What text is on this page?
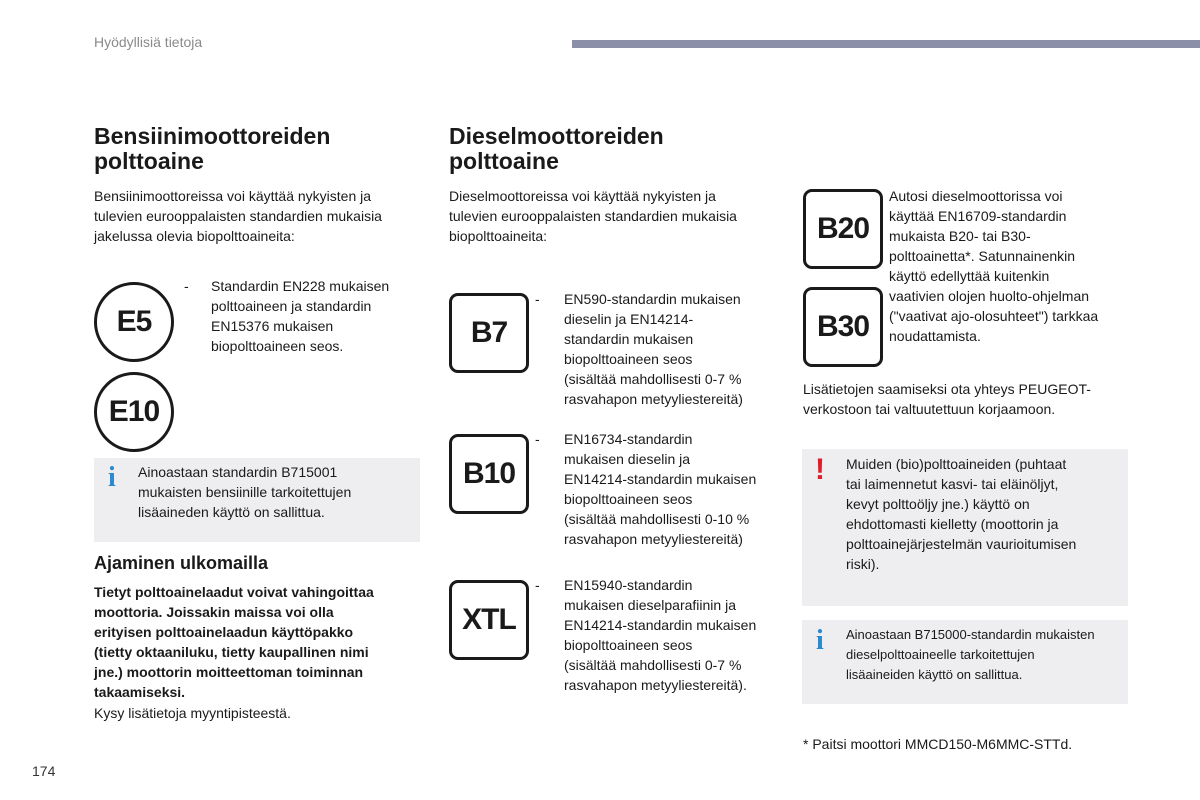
Hyödyllisiä tietoja
Bensiinimoottoreiden
polttoaine
Bensiinimoottoreissa voi käyttää nykyisten ja
tulevien eurooppalaisten standardien mukaisia
jakelussa olevia biopolttoaineita:
E5
E10
- Standardin EN228 mukaisen
polttoaineen ja standardin
EN15376 mukaisen
biopolttoaineen seos.
i Ainoastaan standardin B715001
mukaisten bensiinille tarkoitettujen
lisäaineden käyttö on sallittua.
Ajaminen ulkomailla
Tietyt polttoainelaadut voivat vahingoittaa
moottoria. Joissakin maissa voi olla
erityisen polttoainelaadun käyttöpakko
(tietty oktaaniluku, tietty kaupallinen nimi
jne.) moottorin moitteettoman toiminnan
takaamiseksi.
Kysy lisätietoja myyntipisteestä.
Dieselmoottoreiden
polttoaine
Dieselmoottoreissa voi käyttää nykyisten ja
tulevien eurooppalaisten standardien mukaisia
biopolttoaineita:
B7
- EN590-standardin mukaisen
dieselin ja EN14214-
standardin mukaisen
biopolttoaineen seos
(sisältää mahdollisesti 0-7 %
rasvahapon metyyliestereitä)
B10
- EN16734-standardin
mukaisen dieselin ja
EN14214-standardin mukaisen
biopolttoaineen seos
(sisältää mahdollisesti 0-10 %
rasvahapon metyyliestereitä)
XTL
- EN15940-standardin
mukaisen dieselparafiinin ja
EN14214-standardin mukaisen
biopolttoaineen seos
(sisältää mahdollisesti 0-7 %
rasvahapon metyyliestereitä).
B20
B30
Autosi dieselmoottorissa voi
käyttää EN16709-standardin
mukaista B20- tai B30-
polttoainetta*. Satunnainenkin
käyttö edellyttää kuitenkin
vaativien olojen huolto-ohjelman
("vaativat ajo-olosuhteet") tarkkaa
noudattamista.
Lisätietojen saamiseksi ota yhteys PEUGEOT-
verkostoon tai valtuutettuun korjaamoon.
! Muiden (bio)polttoaineiden (puhtaat
tai laimennetut kasvi- tai eläinöljyt,
kevyt polttoöljy jne.) käyttö on
ehdottomasti kielletty (moottorin ja
polttoainejärjestelmän vaurioitumisen
riski).
i Ainoastaan B715000-standardin mukaisten
dieselpolttoaineelle tarkoitettujen
lisäaineiden käyttö on sallittua.
* Paitsi moottori MMCD150-M6MMC-STTd.
174
